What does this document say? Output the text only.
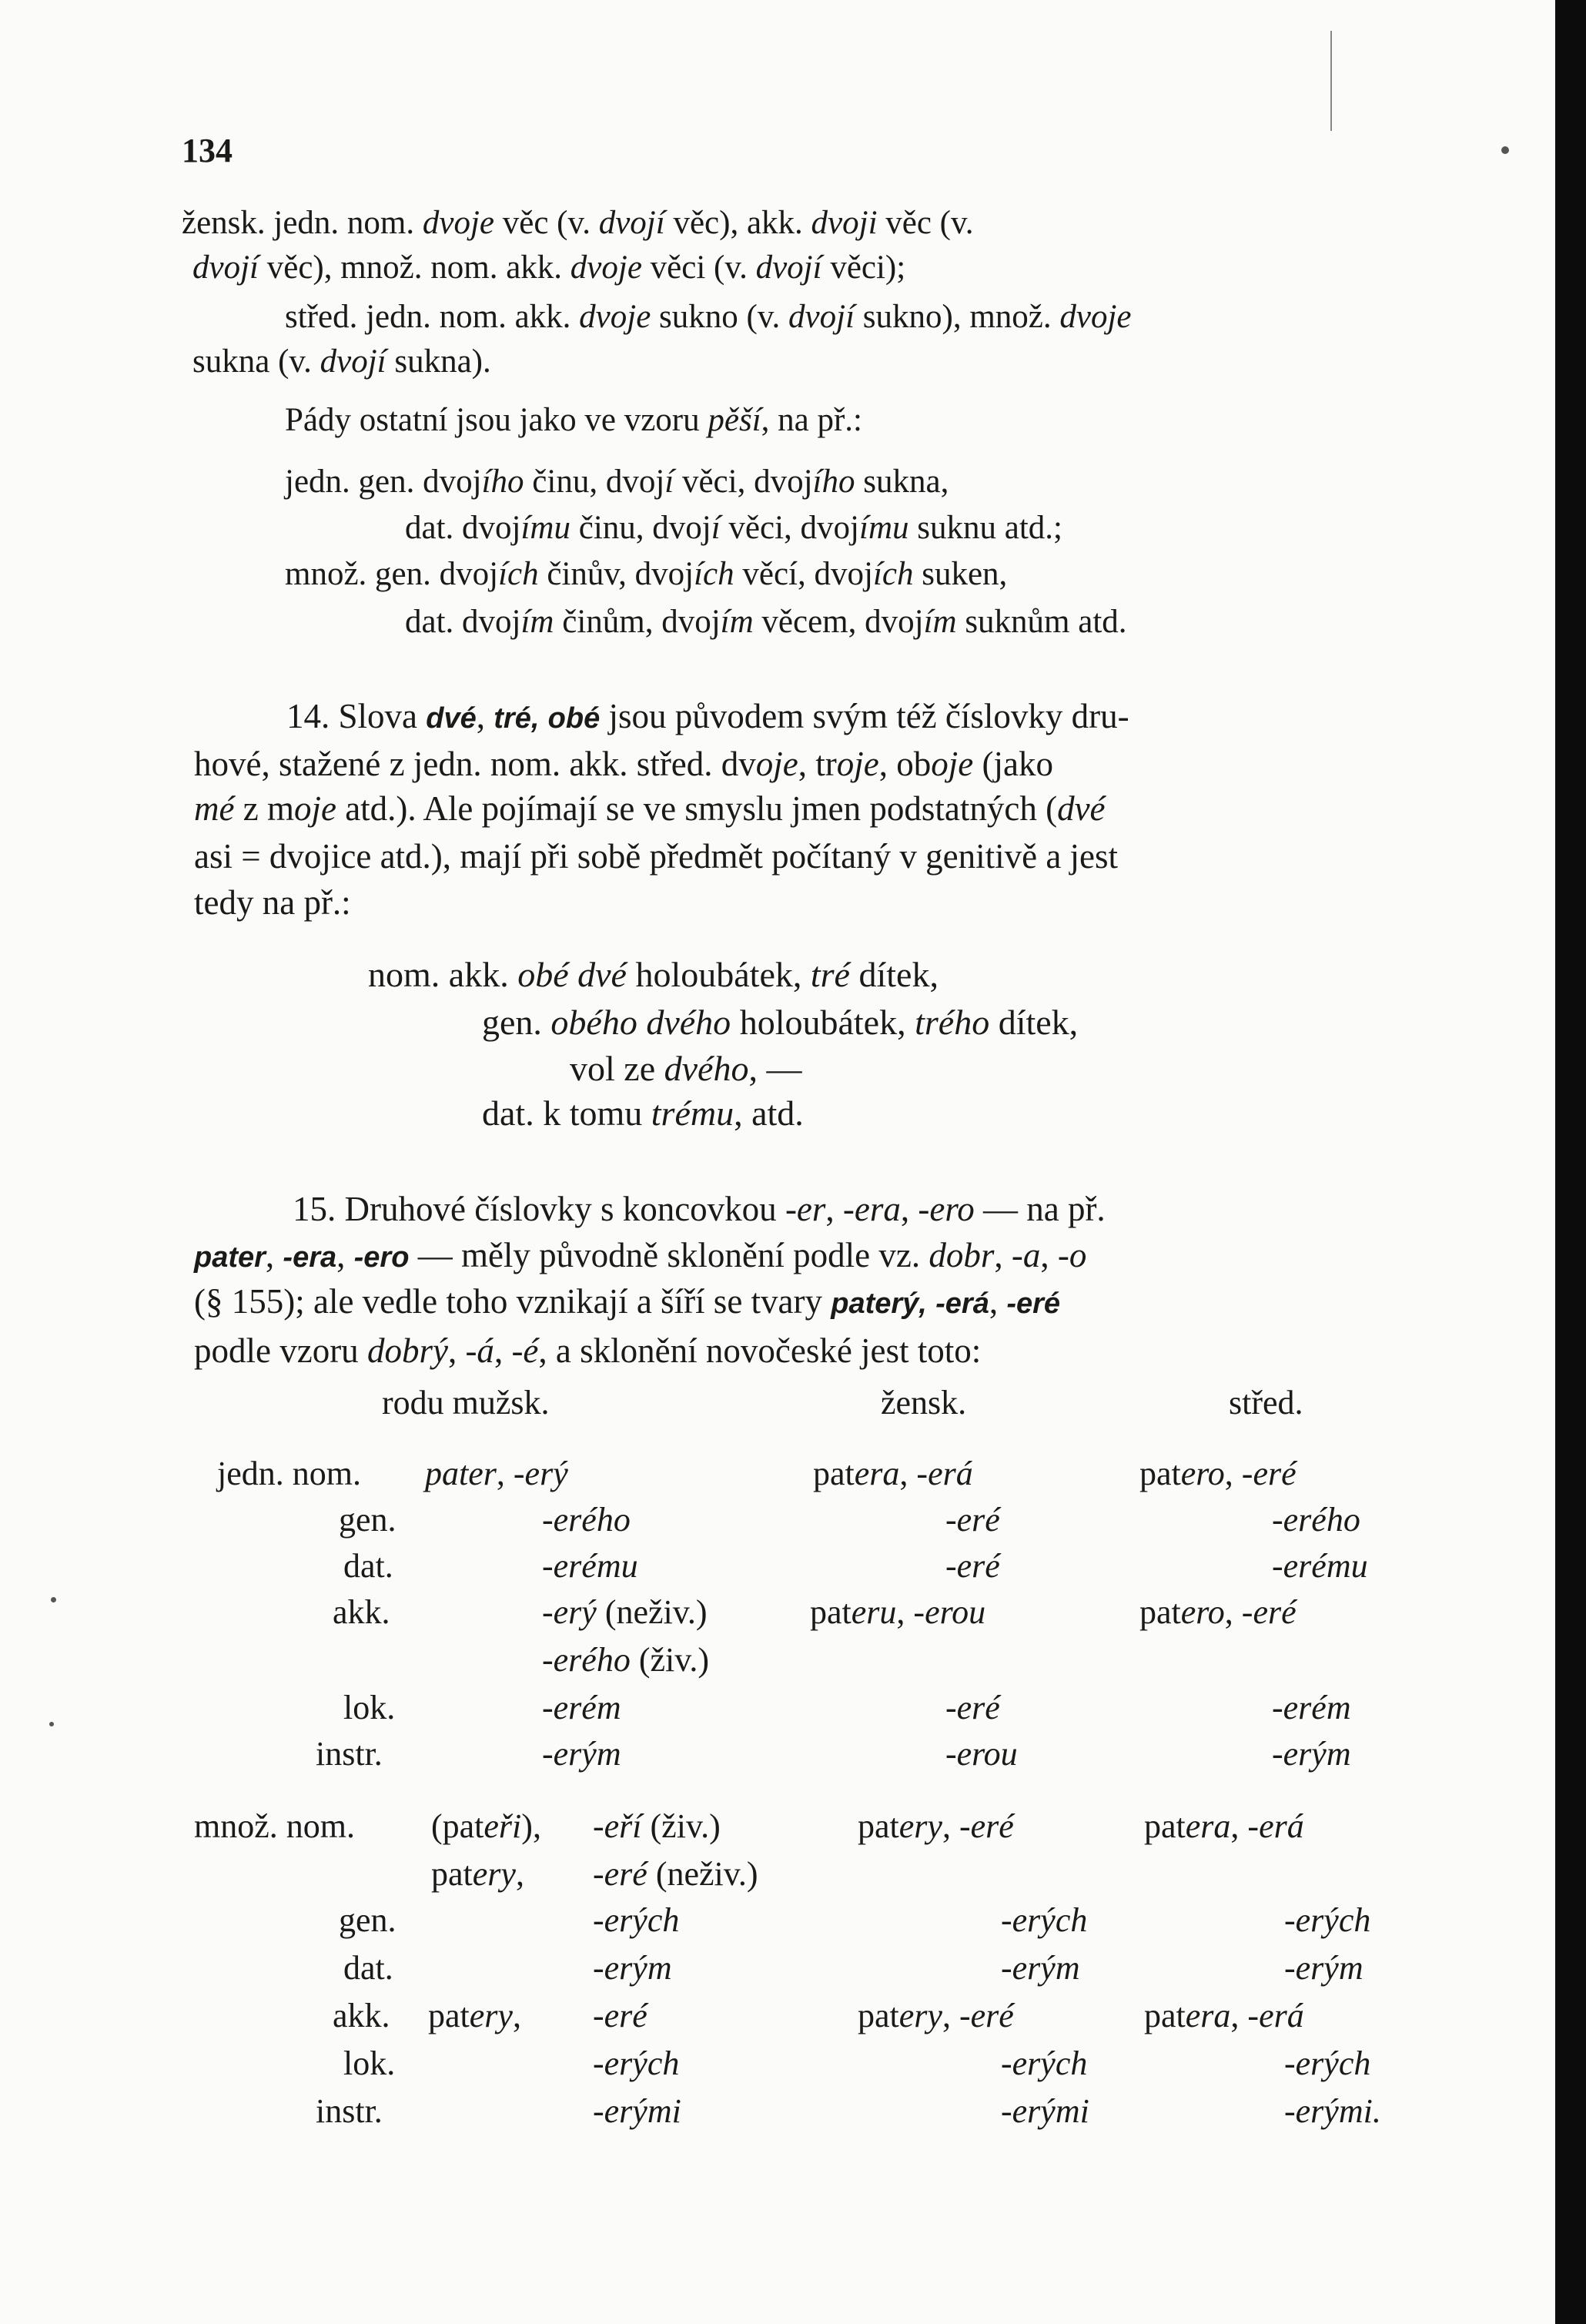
134
žensk. jedn. nom. dvoje věc (v. dvojí věc), akk. dvoji věc (v.
dvojí věc), množ. nom. akk. dvoje věci (v. dvojí věci);
střed. jedn. nom. akk. dvoje sukno (v. dvojí sukno), množ. dvoje
sukna (v. dvojí sukna).
Pády ostatní jsou jako ve vzoru pěší, na př.:
jedn. gen. dvojího činu, dvojí věci, dvojího sukna,
dat. dvojímu činu, dvojí věci, dvojímu suknu atd.;
množ. gen. dvojích činův, dvojích věcí, dvojích suken,
dat. dvojím činům, dvojím věcem, dvojím suknům atd.
14. Slova dvé, tré, obé jsou původem svým též číslovky dru-
hové, stažené z jedn. nom. akk. střed. dvoje, troje, oboje (jako
mé z moje atd.). Ale pojímají se ve smyslu jmen podstatných (dvé
asi = dvojice atd.), mají při sobě předmět počítaný v genitivě a jest
tedy na př.:
nom. akk. obé dvé holoubátek, tré dítek,
gen. obého dvého holoubátek, trého dítek,
vol ze dvého, —
dat. k tomu trému, atd.
15. Druhové číslovky s koncovkou -er, -era, -ero — na př.
pater, -era, -ero — měly původně sklonění podle vz. dobr, -a, -o
(§ 155); ale vedle toho vznikají a šíří se tvary paterý, -erá, -eré
podle vzoru dobrý, -á, -é, a sklonění novočeské jest toto:
rodu mužsk.	žensk.	střed.
jedn. nom. pater, -erý	patera, -erá	patero, -eré
gen.	-erého	-eré	-erého
dat.	-erému	-eré	-erému
akk.	-erý (neživ.)	pateru, -erou	patero, -eré
-erého (živ.)
lok.	-erém	-eré	-erém
instr.	-erým	-erou	-erým
množ. nom. (pateři), -eří (živ.)	patery, -eré	patera, -erá
patery, -eré (neživ.)
gen.	-erých	-erých	-erých
dat.	-erým	-erým	-erým
akk. patery, -eré	patery, -eré	patera, -erá
lok.	-erých	-erých	-erých
instr.	-erými	-erými	-erými.
